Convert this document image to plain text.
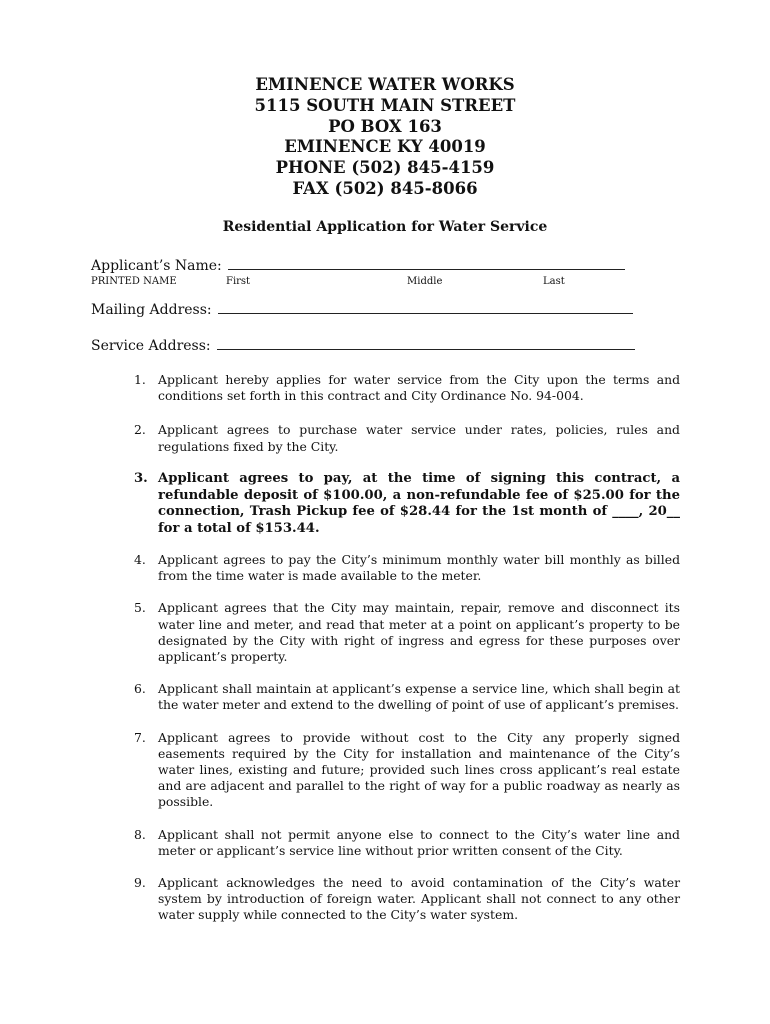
EMINENCE WATER WORKS
5115 SOUTH MAIN STREET
PO BOX 163
EMINENCE KY 40019
PHONE (502) 845-4159
FAX (502) 845-8066
Residential Application for Water Service
Applicant’s Name:
PRINTED NAME	First	Middle	Last
Mailing Address:
Service Address:
1. Applicant hereby applies for water service from the City upon the terms and conditions set forth in this contract and City Ordinance No. 94-004.
2. Applicant agrees to purchase water service under rates, policies, rules and regulations fixed by the City.
3. Applicant agrees to pay, at the time of signing this contract, a refundable deposit of $100.00, a non-refundable fee of $25.00 for the connection, Trash Pickup fee of $28.44 for the 1st month of ____, 20__ for a total of $153.44.
4. Applicant agrees to pay the City’s minimum monthly water bill monthly as billed from the time water is made available to the meter.
5. Applicant agrees that the City may maintain, repair, remove and disconnect its water line and meter, and read that meter at a point on applicant’s property to be designated by the City with right of ingress and egress for these purposes over applicant’s property.
6. Applicant shall maintain at applicant’s expense a service line, which shall begin at the water meter and extend to the dwelling of point of use of applicant’s premises.
7. Applicant agrees to provide without cost to the City any properly signed easements required by the City for installation and maintenance of the City’s water lines, existing and future; provided such lines cross applicant’s real estate and are adjacent and parallel to the right of way for a public roadway as nearly as possible.
8. Applicant shall not permit anyone else to connect to the City’s water line and meter or applicant’s service line without prior written consent of the City.
9. Applicant acknowledges the need to avoid contamination of the City’s water system by introduction of foreign water. Applicant shall not connect to any other water supply while connected to the City’s water system.
